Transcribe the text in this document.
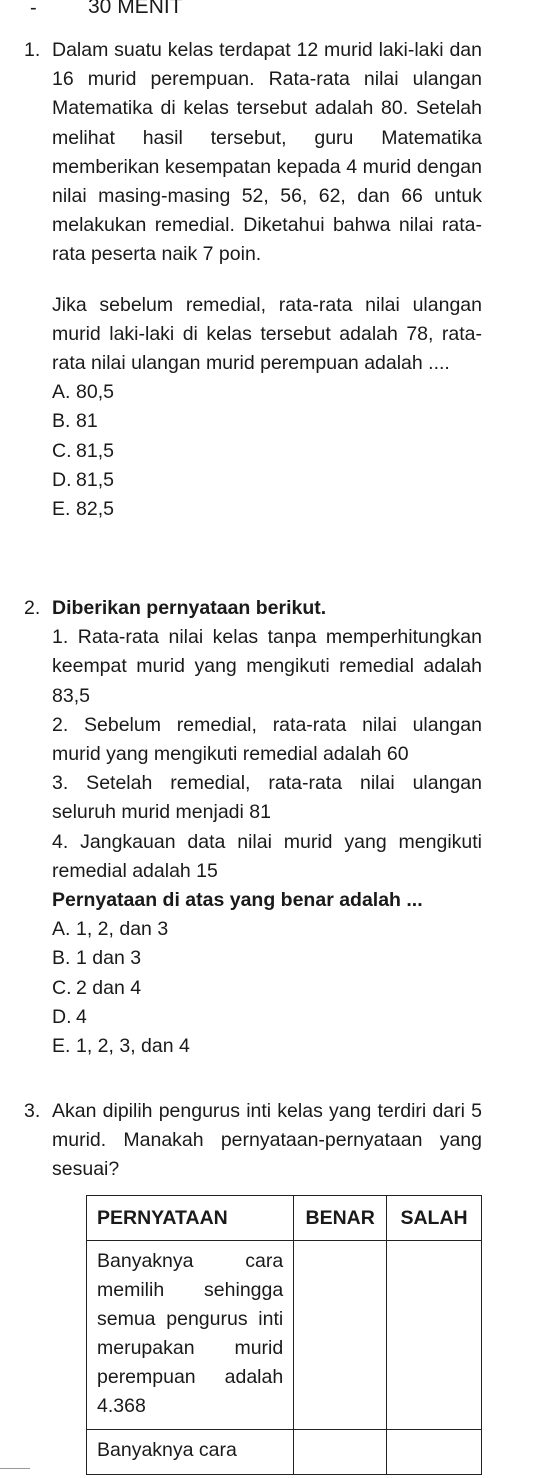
- 30 MENIT
1. Dalam suatu kelas terdapat 12 murid laki-laki dan 16 murid perempuan. Rata-rata nilai ulangan Matematika di kelas tersebut adalah 80. Setelah melihat hasil tersebut, guru Matematika memberikan kesempatan kepada 4 murid dengan nilai masing-masing 52, 56, 62, dan 66 untuk melakukan remedial. Diketahui bahwa nilai rata-rata peserta naik 7 poin.
Jika sebelum remedial, rata-rata nilai ulangan murid laki-laki di kelas tersebut adalah 78, rata-rata nilai ulangan murid perempuan adalah ....
A. 80,5
B. 81
C. 81,5
D. 81,5
E. 82,5
2. Diberikan pernyataan berikut.
1. Rata-rata nilai kelas tanpa memperhitungkan keempat murid yang mengikuti remedial adalah 83,5
2. Sebelum remedial, rata-rata nilai ulangan murid yang mengikuti remedial adalah 60
3. Setelah remedial, rata-rata nilai ulangan seluruh murid menjadi 81
4. Jangkauan data nilai murid yang mengikuti remedial adalah 15
Pernyataan di atas yang benar adalah ...
A. 1, 2, dan 3
B. 1 dan 3
C. 2 dan 4
D. 4
E. 1, 2, 3, dan 4
3. Akan dipilih pengurus inti kelas yang terdiri dari 5 murid. Manakah pernyataan-pernyataan yang sesuai?
PERNYATAAN	BENAR	SALAH
Banyaknya cara memilih sehingga semua pengurus inti merupakan murid perempuan adalah 4.368		
Banyaknya cara		
